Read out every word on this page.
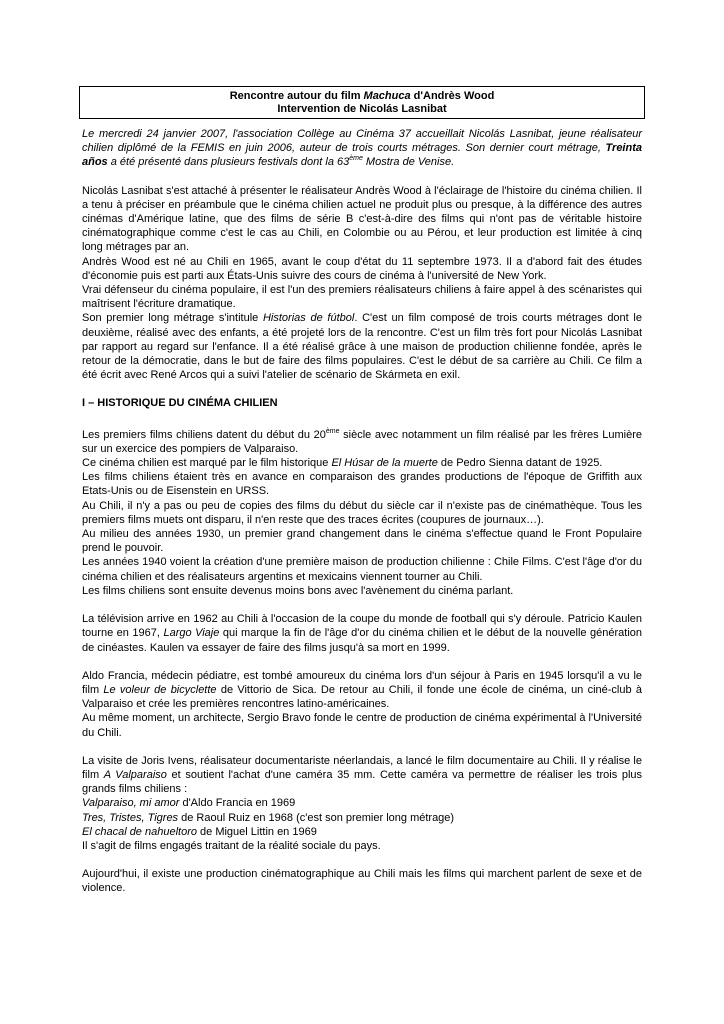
Rencontre autour du film Machuca d'Andrès Wood
Intervention de Nicolás Lasnibat

Le mercredi 24 janvier 2007, l'association Collège au Cinéma 37 accueillait Nicolás Lasnibat, jeune réalisateur chilien diplômé de la FEMIS en juin 2006, auteur de trois courts métrages. Son dernier court métrage, Treinta años a été présenté dans plusieurs festivals dont la 63ème Mostra de Venise.

Nicolás Lasnibat s'est attaché à présenter le réalisateur Andrès Wood à l'éclairage de l'histoire du cinéma chilien. Il a tenu à préciser en préambule que le cinéma chilien actuel ne produit plus ou presque, à la différence des autres cinémas d'Amérique latine, que des films de série B c'est-à-dire des films qui n'ont pas de véritable histoire cinématographique comme c'est le cas au Chili, en Colombie ou au Pérou, et leur production est limitée à cinq long métrages par an.

Andrès Wood est né au Chili en 1965, avant le coup d'état du 11 septembre 1973. Il a d'abord fait des études d'économie puis est parti aux États-Unis suivre des cours de cinéma à l'université de New York.

Vrai défenseur du cinéma populaire, il est l'un des premiers réalisateurs chiliens à faire appel à des scénaristes qui maîtrisent l'écriture dramatique.

Son premier long métrage s'intitule Historias de fútbol. C'est un film composé de trois courts métrages dont le deuxième, réalisé avec des enfants, a été projeté lors de la rencontre. C'est un film très fort pour Nicolás Lasnibat par rapport au regard sur l'enfance. Il a été réalisé grâce à une maison de production chilienne fondée, après le retour de la démocratie, dans le but de faire des films populaires. C'est le début de sa carrière au Chili. Ce film a été écrit avec René Arcos qui a suivi l'atelier de scénario de Skármeta en exil.

I – HISTORIQUE DU CINÉMA CHILIEN

Les premiers films chiliens datent du début du 20ème siècle avec notamment un film réalisé par les frères Lumière sur un exercice des pompiers de Valparaiso.

Ce cinéma chilien est marqué par le film historique El Húsar de la muerte de Pedro Sienna datant de 1925.

Les films chiliens étaient très en avance en comparaison des grandes productions de l'époque de Griffith aux Etats-Unis ou de Eisenstein en URSS.

Au Chili, il n'y a pas ou peu de copies des films du début du siècle car il n'existe pas de cinémathèque. Tous les premiers films muets ont disparu, il n'en reste que des traces écrites (coupures de journaux…).

Au milieu des années 1930, un premier grand changement dans le cinéma s'effectue quand le Front Populaire prend le pouvoir.

Les années 1940 voient la création d'une première maison de production chilienne : Chile Films. C'est l'âge d'or du cinéma chilien et des réalisateurs argentins et mexicains viennent tourner au Chili.

Les films chiliens sont ensuite devenus moins bons avec l'avènement du cinéma parlant.

La télévision arrive en 1962 au Chili à l'occasion de la coupe du monde de football qui s'y déroule. Patricio Kaulen tourne en 1967, Largo Viaje qui marque la fin de l'âge d'or du cinéma chilien et le début de la nouvelle génération de cinéastes. Kaulen va essayer de faire des films jusqu'à sa mort en 1999.

Aldo Francia, médecin pédiatre, est tombé amoureux du cinéma lors d'un séjour à Paris en 1945 lorsqu'il a vu le film Le voleur de bicyclette de Vittorio de Sica. De retour au Chili, il fonde une école de cinéma, un ciné-club à Valparaiso et crée les premières rencontres latino-américaines.

Au même moment, un architecte, Sergio Bravo fonde le centre de production de cinéma expérimental à l'Université du Chili.

La visite de Joris Ivens, réalisateur documentariste néerlandais, a lancé le film documentaire au Chili. Il y réalise le film A Valparaiso et soutient l'achat d'une caméra 35 mm. Cette caméra va permettre de réaliser les trois plus grands films chiliens :

Valparaiso, mi amor d'Aldo Francia en 1969

Tres, Tristes, Tigres de Raoul Ruiz en 1968 (c'est son premier long métrage)

El chacal de nahueltoro de Miguel Littin en 1969

Il s'agit de films engagés traitant de la réalité sociale du pays.

Aujourd'hui, il existe une production cinématographique au Chili mais les films qui marchent parlent de sexe et de violence.
